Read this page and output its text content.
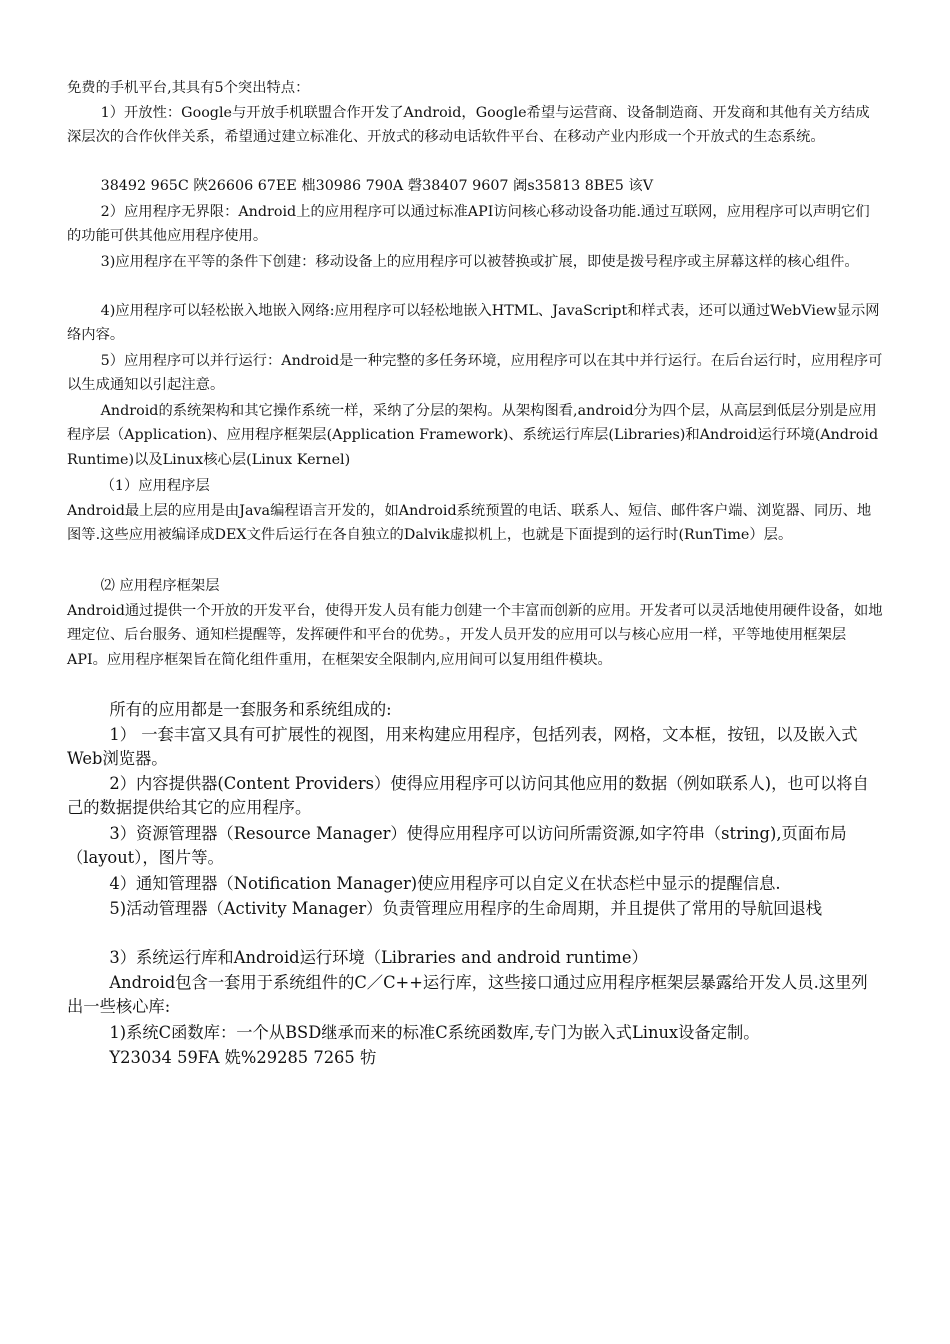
免费的手机平台,其具有5个突出特点：

1）开放性：Google与开放手机联盟合作开发了Android，Google希望与运营商、设备制造商、开发商和其他有关方结成深层次的合作伙伴关系，希望通过建立标准化、开放式的移动电话软件平台、在移动产业内形成一个开放式的生态系统。

38492 965C 陜26606 67EE 柮30986 790A 磬38407 9607 阇s35813 8BE5 该V

2）应用程序无界限：Android上的应用程序可以通过标准API访问核心移动设备功能.通过互联网，应用程序可以声明它们的功能可供其他应用程序使用。

3)应用程序在平等的条件下创建：移动设备上的应用程序可以被替换或扩展，即使是拨号程序或主屏幕这样的核心组件。

4)应用程序可以轻松嵌入地嵌入网络:应用程序可以轻松地嵌入HTML、JavaScript和样式表，还可以通过WebView显示网络内容。

5）应用程序可以并行运行：Android是一种完整的多任务环境，应用程序可以在其中并行运行。在后台运行时，应用程序可以生成通知以引起注意。

Android的系统架构和其它操作系统一样，采纳了分层的架构。从架构图看,android分为四个层，从高层到低层分别是应用程序层（Application)、应用程序框架层(Application Framework)、系统运行库层(Libraries)和Android运行环境(Android Runtime)以及Linux核心层(Linux Kernel)

（1）应用程序层

Android最上层的应用是由Java编程语言开发的，如Android系统预置的电话、联系人、短信、邮件客户端、浏览器、同历、地图等.这些应用被编译成DEX文件后运行在各自独立的Dalvik虚拟机上，也就是下面提到的运行时(RunTime）层。

⑵ 应用程序框架层

Android通过提供一个开放的开发平台，使得开发人员有能力创建一个丰富而创新的应用。开发者可以灵活地使用硬件设备，如地理定位、后台服务、通知栏提醒等，发挥硬件和平台的优势。，开发人员开发的应用可以与核心应用一样，平等地使用框架层API。应用程序框架旨在简化组件重用，在框架安全限制内,应用间可以复用组件模块。

所有的应用都是一套服务和系统组成的:

1） 一套丰富又具有可扩展性的视图，用来构建应用程序，包括列表，网格，文本框，按钮，以及嵌入式Web浏览器。

2）内容提供器(Content Providers）使得应用程序可以访问其他应用的数据（例如联系人)，也可以将自己的数据提供给其它的应用程序。

3）资源管理器（Resource Manager）使得应用程序可以访问所需资源,如字符串（string),页面布局（layout），图片等。

4）通知管理器（Notification Manager)使应用程序可以自定义在状态栏中显示的提醒信息.

5)活动管理器（Activity Manager）负责管理应用程序的生命周期，并且提供了常用的导航回退栈

3）系统运行库和Android运行环境（Libraries and android runtime）

Android包含一套用于系统组件的C／C++运行库，这些接口通过应用程序框架层暴露给开发人员.这里列出一些核心库:

1)系统C函数库：一个从BSD继承而来的标准C系统函数库,专门为嵌入式Linux设备定制。

Y23034 59FA 姺%29285 7265 牥
